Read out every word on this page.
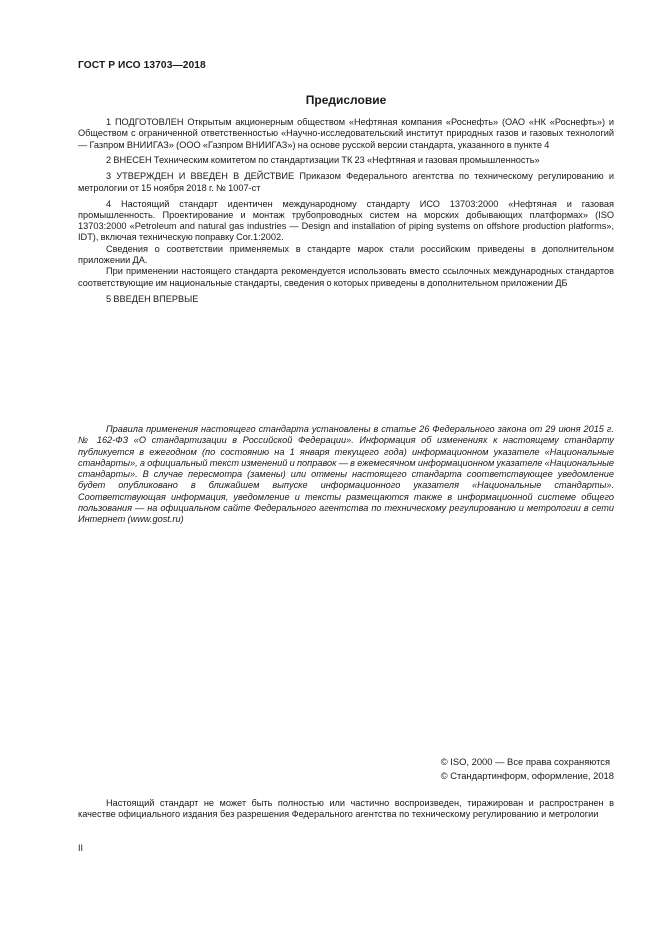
ГОСТ Р ИСО 13703—2018
Предисловие

1 ПОДГОТОВЛЕН Открытым акционерным обществом «Нефтяная компания «Роснефть» (ОАО «НК «Роснефть») и Обществом с ограниченной ответственностью «Научно-исследовательский институт природных газов и газовых технологий — Газпром ВНИИГАЗ» (ООО «Газпром ВНИИГАЗ») на основе русской версии стандарта, указанного в пункте 4

2 ВНЕСЕН Техническим комитетом по стандартизации ТК 23 «Нефтяная и газовая промышленность»

3 УТВЕРЖДЕН И ВВЕДЕН В ДЕЙСТВИЕ Приказом Федерального агентства по техническому регулированию и метрологии от 15 ноября 2018 г. № 1007-ст

4 Настоящий стандарт идентичен международному стандарту ИСО 13703:2000 «Нефтяная и газовая промышленность. Проектирование и монтаж трубопроводных систем на морских добывающих платформах» (ISO 13703:2000 «Petroleum and natural gas industries — Design and installation of piping systems on offshore production platforms», IDT), включая техническую поправку Cor.1:2002.

Сведения о соответствии применяемых в стандарте марок стали российским приведены в дополнительном приложении ДА.

При применении настоящего стандарта рекомендуется использовать вместо ссылочных международных стандартов соответствующие им национальные стандарты, сведения о которых приведены в дополнительном приложении ДБ

5 ВВЕДЕН ВПЕРВЫЕ

Правила применения настоящего стандарта установлены в статье 26 Федерального закона от 29 июня 2015 г. № 162-ФЗ «О стандартизации в Российской Федерации». Информация об изменениях к настоящему стандарту публикуется в ежегодном (по состоянию на 1 января текущего года) информационном указателе «Национальные стандарты», а официальный текст изменений и поправок — в ежемесячном информационном указателе «Национальные стандарты». В случае пересмотра (замены) или отмены настоящего стандарта соответствующее уведомление будет опубликовано в ближайшем выпуске информационного указателя «Национальные стандарты». Соответствующая информация, уведомление и тексты размещаются также в информационной системе общего пользования — на официальном сайте Федерального агентства по техническому регулированию и метрологии в сети Интернет (www.gost.ru)

© ISO, 2000 — Все права сохраняются
© Стандартинформ, оформление, 2018

Настоящий стандарт не может быть полностью или частично воспроизведен, тиражирован и распространен в качестве официального издания без разрешения Федерального агентства по техническому регулированию и метрологии

II
